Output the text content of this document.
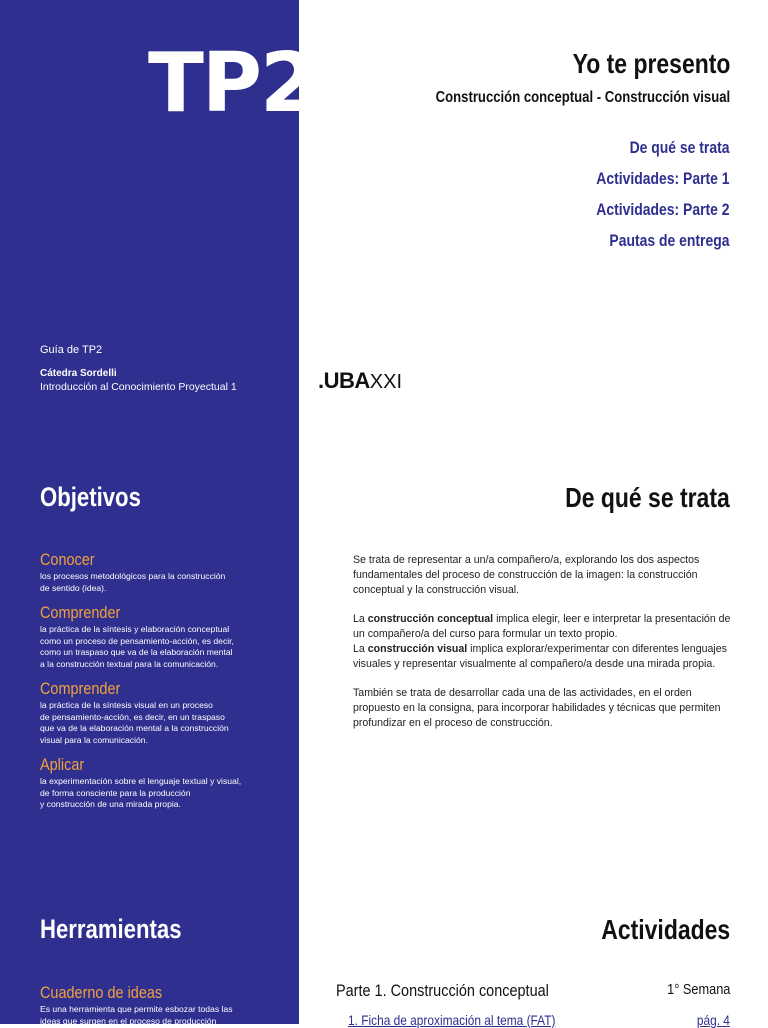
TP2
Guía de TP2
Cátedra Sordelli
Introducción al Conocimiento Proyectual 1
Objetivos
Conocer
los procesos metodológicos para la construcción
de sentido (idea).
Comprender
la práctica de la síntesis y elaboración conceptual
como un proceso de pensamiento-acción, es decir,
como un traspaso que va de la elaboración mental
a la construcción textual para la comunicación.
Comprender
la práctica de la síntesis visual en un proceso
de pensamiento-acción, es decir, en un traspaso
que va de la elaboración mental a la construcción
visual para la comunicación.
Aplicar
la experimentación sobre el lenguaje textual y visual,
de forma consciente para la producción
y construcción de una mirada propia.
Herramientas
Cuaderno de ideas
Es una herramienta que permite esbozar todas las
ideas que surgen en el proceso de producción
Yo te presento
Construcción conceptual - Construcción visual
De qué se trata
Actividades: Parte 1
Actividades: Parte 2
Pautas de entrega
.UBAXXI
De qué se trata

Se trata de representar a un/a compañero/a, explorando los dos aspectos fundamentales del proceso de construcción de la imagen: la construcción conceptual y la construcción visual.

La construcción conceptual implica elegir, leer e interpretar la presentación de un compañero/a del curso para formular un texto propio.
La construcción visual implica explorar/experimentar con diferentes lenguajes visuales y representar visualmente al compañero/a desde una mirada propia.

También se trata de desarrollar cada una de las actividades, en el orden propuesto en la consigna, para incorporar habilidades y técnicas que permiten profundizar en el proceso de construcción.

Actividades
Parte 1. Construcción conceptual	1° Semana
1. Ficha de aproximación al tema (FAT)	pág. 4
